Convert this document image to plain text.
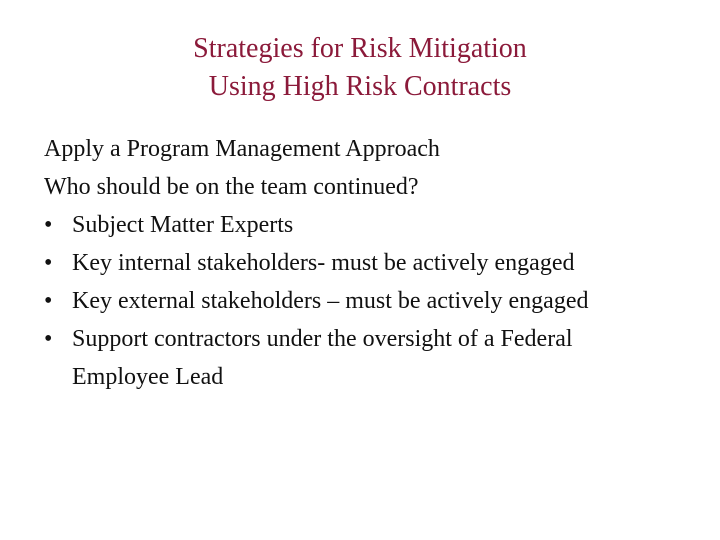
Strategies for Risk Mitigation
Using High Risk Contracts
Apply a Program Management Approach
Who should be on the team continued?
• Subject Matter Experts
• Key internal stakeholders- must be actively engaged
• Key external stakeholders – must be actively engaged
• Support contractors under the oversight of a Federal Employee Lead
